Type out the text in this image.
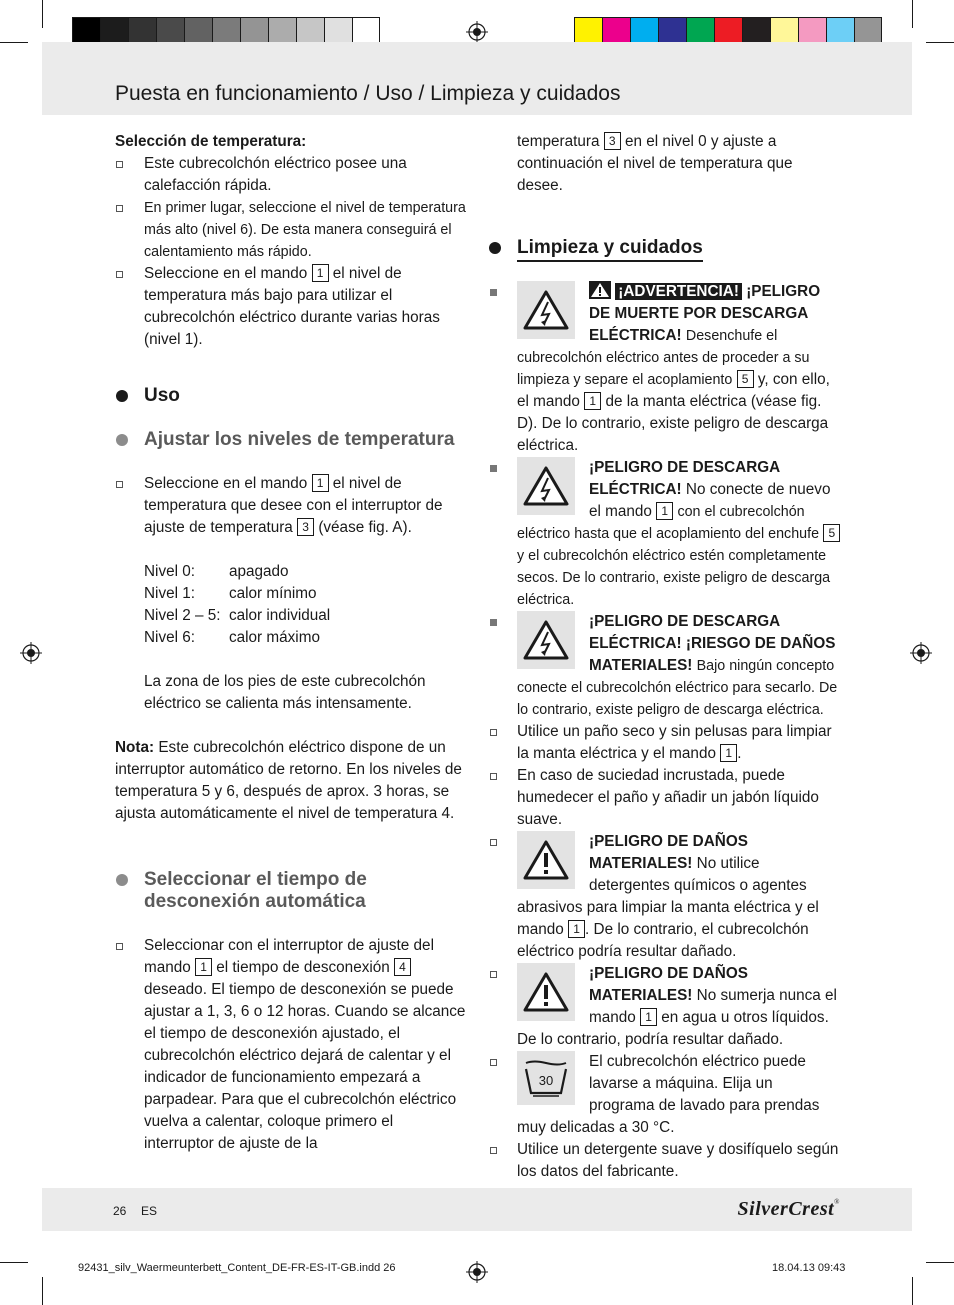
Puesta en funcionamiento / Uso / Limpieza y cuidados
Selección de temperatura:
Este cubrecolchón eléctrico posee una calefacción rápida.
En primer lugar, seleccione el nivel de temperatura más alto (nivel 6). De esta manera conseguirá el calentamiento más rápido.
Seleccione en el mando 1 el nivel de temperatura más bajo para utilizar el cubrecolchón eléctrico durante varias horas (nivel 1).
Uso
Ajustar los niveles de temperatura
Seleccione en el mando 1 el nivel de temperatura que desee con el interruptor de ajuste de temperatura 3 (véase fig. A).
Nivel 0:	apagado
Nivel 1:	calor mínimo
Nivel 2 – 5: calor individual
Nivel 6:	calor máximo
La zona de los pies de este cubrecolchón eléctrico se calienta más intensamente.
Nota: Este cubrecolchón eléctrico dispone de un interruptor automático de retorno. En los niveles de temperatura 5 y 6, después de aprox. 3 horas, se ajusta automáticamente el nivel de temperatura 4.
Seleccionar el tiempo de desconexión automática
Seleccionar con el interruptor de ajuste del mando 1 el tiempo de desconexión 4 deseado. El tiempo de desconexión se puede ajustar a 1, 3, 6 o 12 horas. Cuando se alcance el tiempo de desconexión ajustado, el cubrecolchón eléctrico dejará de calentar y el indicador de funcionamiento empezará a parpadear. Para que el cubrecolchón eléctrico vuelva a calentar, coloque primero el interruptor de ajuste de la
temperatura 3 en el nivel 0 y ajuste a continuación el nivel de temperatura que desee.
Limpieza y cuidados
¡ADVERTENCIA! ¡PELIGRO DE MUERTE POR DESCARGA ELÉCTRICA! Desenchufe el cubrecolchón eléctrico antes de proceder a su limpieza y separe el acoplamiento 5 y, con ello, el mando 1 de la manta eléctrica (véase fig. D). De lo contrario, existe peligro de descarga eléctrica.
¡PELIGRO DE DESCARGA ELÉCTRICA! No conecte de nuevo el mando 1 con el cubrecolchón eléctrico hasta que el acoplamiento del enchufe 5 y el cubrecolchón eléctrico estén completamente secos. De lo contrario, existe peligro de descarga eléctrica.
¡PELIGRO DE DESCARGA ELÉCTRICA! ¡RIESGO DE DAÑOS MATERIALES! Bajo ningún concepto conecte el cubrecolchón eléctrico para secarlo. De lo contrario, existe peligro de descarga eléctrica.
Utilice un paño seco y sin pelusas para limpiar la manta eléctrica y el mando 1 .
En caso de suciedad incrustada, puede humedecer el paño y añadir un jabón líquido suave.
¡PELIGRO DE DAÑOS MATERIALES! No utilice detergentes químicos o agentes abrasivos para limpiar la manta eléctrica y el mando 1 . De lo contrario, el cubrecolchón eléctrico podría resultar dañado.
¡PELIGRO DE DAÑOS MATERIALES! No sumerja nunca el mando 1 en agua u otros líquidos. De lo contrario, podría resultar dañado.
30
El cubrecolchón eléctrico puede lavarse a máquina. Elija un programa de lavado para prendas muy delicadas a 30 °C.
Utilice un detergente suave y dosifíquelo según los datos del fabricante.
26 ES	SilverCrest®
92431_silv_Waermeunterbett_Content_DE-FR-ES-IT-GB.indd 26	18.04.13 09:43
